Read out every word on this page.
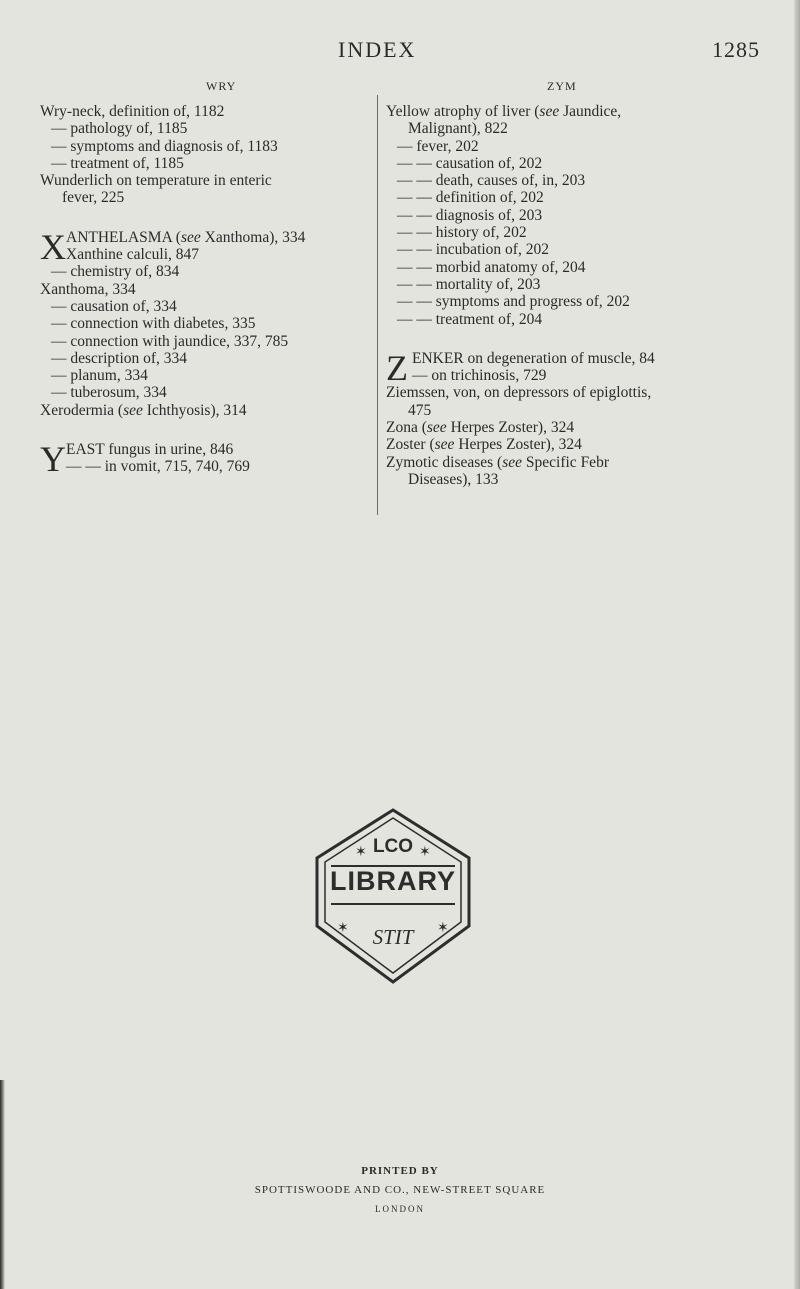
INDEX	1285
WRY	ZYM
Wry-neck, definition of, 1182
— pathology of, 1185
— symptoms and diagnosis of, 1183
— treatment of, 1185
Wunderlich on temperature in enteric
fever, 225
X ANTHELASMA (see Xanthoma), 334
Xanthine calculi, 847
— chemistry of, 834
Xanthoma, 334
— causation of, 334
— connection with diabetes, 335
— connection with jaundice, 337, 785
— description of, 334
— planum, 334
— tuberosum, 334
Xerodermia (see Ichthyosis), 314
Y EAST fungus in urine, 846
— — in vomit, 715, 740, 769
Yellow atrophy of liver (see Jaundice,
Malignant), 822
— fever, 202
— — causation of, 202
— — death, causes of, in, 203
— — definition of, 202
— — diagnosis of, 203
— — history of, 202
— — incubation of, 202
— — morbid anatomy of, 204
— — mortality of, 203
— — symptoms and progress of, 202
— — treatment of, 204
Z ENKER on degeneration of muscle, 84
— on trichinosis, 729
Ziemssen, von, on depressors of epiglottis,
475
Zona (see Herpes Zoster), 324
Zoster (see Herpes Zoster), 324
Zymotic diseases (see Specific Febr
Diseases), 133
LCO
STIT
✶	✶
✶	✶
LIBRARY
PRINTED BY
SPOTTISWOODE AND CO., NEW-STREET SQUARE
LONDON
